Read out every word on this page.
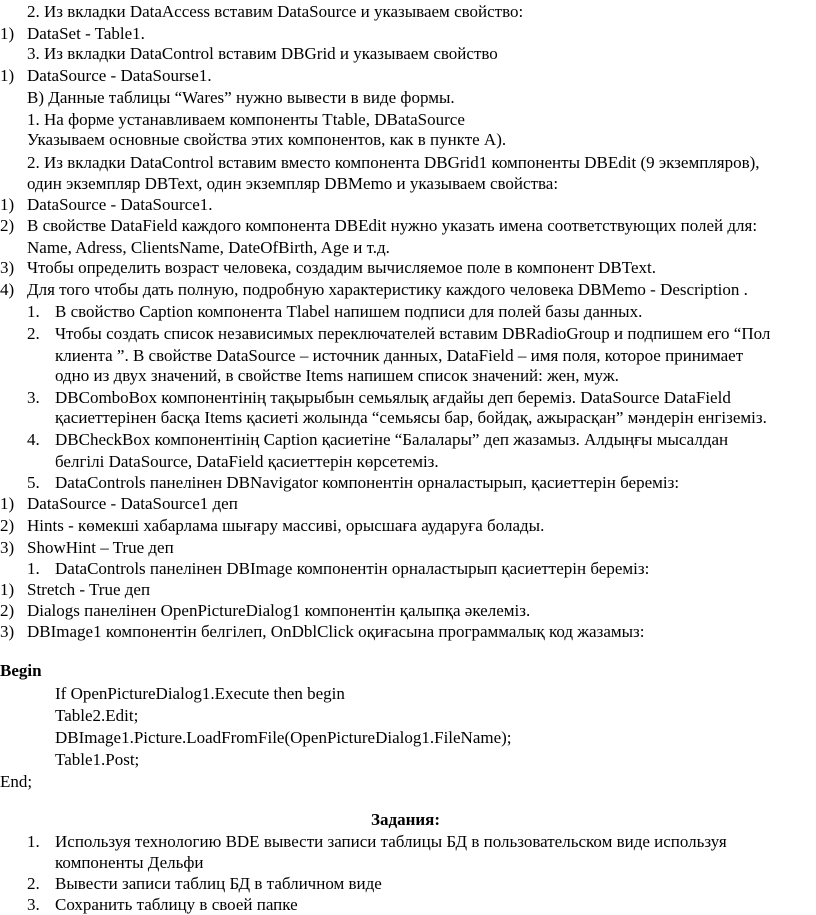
2. Из вкладки DataAccess вставим DataSource и указываем свойство:
1) DataSet - Table1.
3. Из вкладки DataControl вставим DBGrid и указываем свойство
1) DataSource - DataSourse1.
B) Данные таблицы “Wares” нужно вывести в виде формы.
1. На форме устанавливаем компоненты Ttable, DBataSource
Указываем основные свойства этих компонентов, как в пункте А).
2. Из вкладки DataControl вставим вместо компонента DBGrid1 компоненты DBEdit (9 экземпляров),
один экземпляр DBText, один экземпляр DBMemo и указываем свойства:
1) DataSource - DataSource1.
2) В свойстве DataField каждого компонента DBEdit нужно указать имена соответствующих полей для:
Name, Adress, ClientsName, DateOfBirth, Age и т.д.
3) Чтобы определить возраст человека, создадим вычисляемое поле в компонент DBText.
4) Для того чтобы дать полную, подробную характеристику каждого человека DBMemo - Description .
1. В свойство Caption компонента Tlabel напишем подписи для полей базы данных.
2. Чтобы создать список независимых переключателей вставим DBRadioGroup и подпишем его “Пол
клиента ”. В свойстве DataSource – источник данных, DataField – имя поля, которое принимает
одно из двух значений, в свойстве Items напишем список значений: жен, муж.
3. DBComboBox компонентінің тақырыбын семьялық ағдайы деп береміз. DataSource DataField
қасиеттерінен басқа Items қасиеті жолында “семьясы бар, бойдақ, ажырасқан” мәндерін енгіземіз.
4. DBCheckBox компонентінің Caption қасиетіне “Балалары” деп жазамыз. Алдыңғы мысалдан
белгілі DataSource, DataField қасиеттерін көрсетеміз.
5. DataControls панелінен DBNavigator компонентін орналастырып, қасиеттерін береміз:
1) DataSource - DataSource1 деп
2) Hints - көмекші хабарлама шығару массиві, орысшаға аударуға болады.
3) ShowHint – True деп
1. DataControls панелінен DBImage компонентін орналастырып қасиеттерін береміз:
1) Stretch - True деп
2) Dialogs панелінен OpenPictureDialog1 компонентін қалыпқа әкелеміз.
3) DBImage1 компонентін белгілеп, OnDblClick оқиғасына программалық код жазамыз:
Begin
If OpenPictureDialog1.Execute then begin
Table2.Edit;
DBImage1.Picture.LoadFromFile(OpenPictureDialog1.FileName);
Table1.Post;
End;
Задания:
1. Используя технологию BDE вывести записи таблицы БД в пользовательском виде используя
компоненты Дельфи
2. Вывести записи таблиц БД в табличном виде
3. Сохранить таблицу в своей папке
